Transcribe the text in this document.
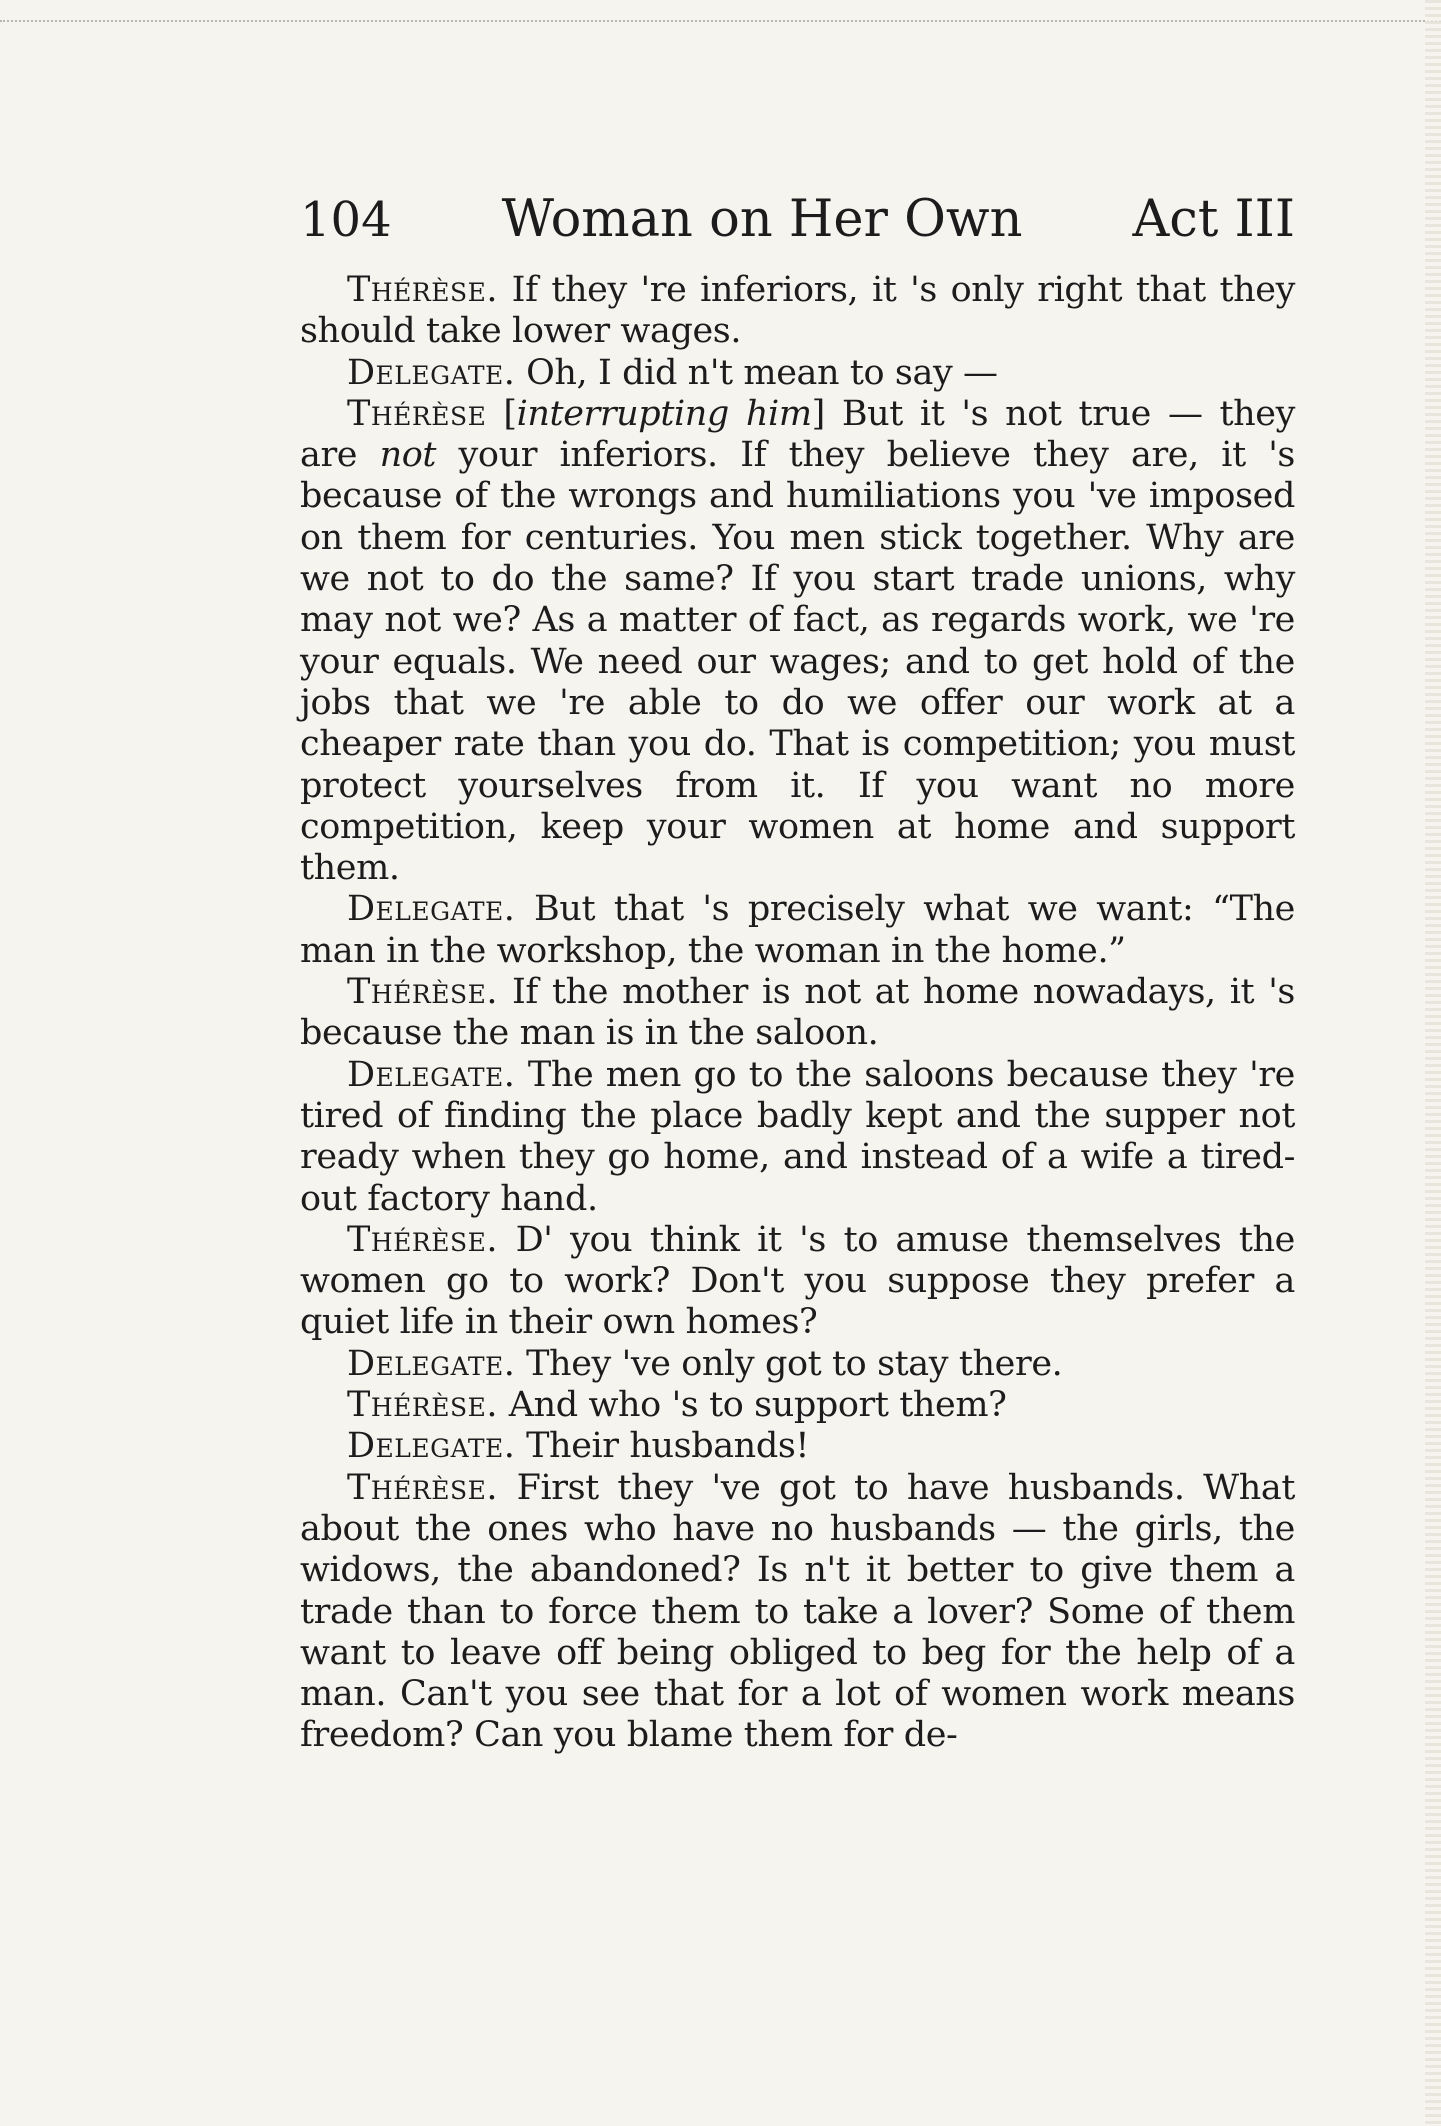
104 Woman on Her Own Act III

Thérèse. If they 're inferiors, it 's only right that they should take lower wages.

Delegate. Oh, I did n't mean to say —

Thérèse [interrupting him] But it 's not true — they are not your inferiors. If they believe they are, it 's because of the wrongs and humiliations you 've imposed on them for centuries. You men stick together. Why are we not to do the same? If you start trade unions, why may not we? As a matter of fact, as regards work, we 're your equals. We need our wages; and to get hold of the jobs that we 're able to do we offer our work at a cheaper rate than you do. That is competition; you must protect yourselves from it. If you want no more competition, keep your women at home and support them.

Delegate. But that 's precisely what we want: “The man in the workshop, the woman in the home.”

Thérèse. If the mother is not at home nowadays, it 's because the man is in the saloon.

Delegate. The men go to the saloons because they 're tired of finding the place badly kept and the supper not ready when they go home, and instead of a wife a tired-out factory hand.

Thérèse. D' you think it 's to amuse themselves the women go to work? Don't you suppose they prefer a quiet life in their own homes?

Delegate. They 've only got to stay there.

Thérèse. And who 's to support them?

Delegate. Their husbands!

Thérèse. First they 've got to have husbands. What about the ones who have no husbands — the girls, the widows, the abandoned? Is n't it better to give them a trade than to force them to take a lover? Some of them want to leave off being obliged to beg for the help of a man. Can't you see that for a lot of women work means freedom? Can you blame them for de-
